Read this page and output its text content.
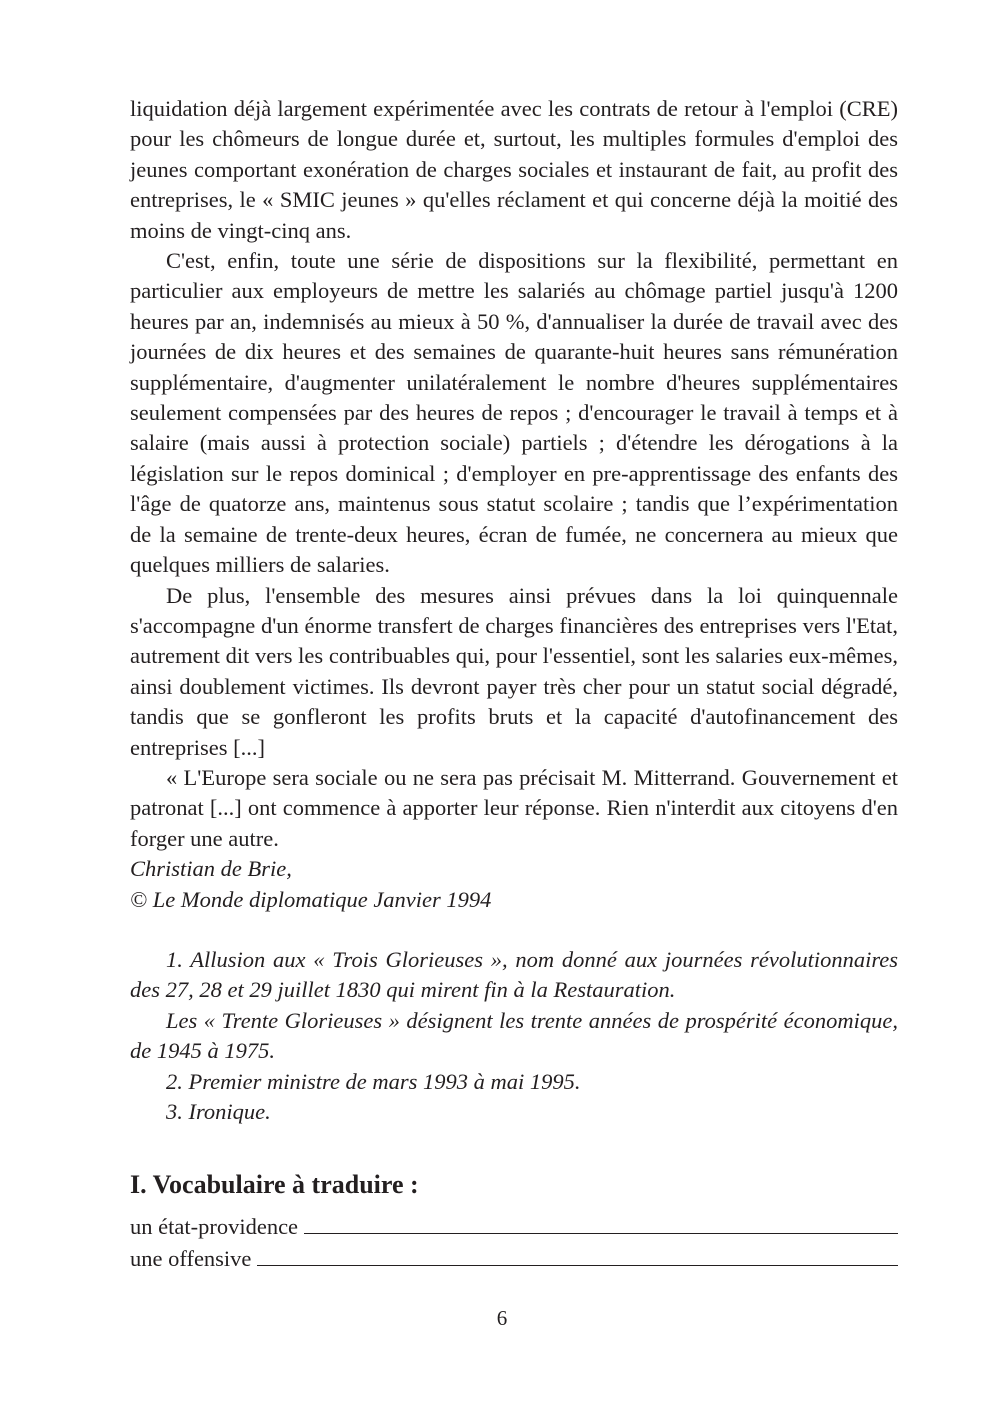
liquidation déjà largement expérimentée avec les contrats de retour à l'emploi (CRE) pour les chômeurs de longue durée et, surtout, les multiples formules d'emploi des jeunes comportant exonération de charges sociales et instaurant de fait, au profit des entreprises, le « SMIC jeunes » qu'elles réclament et qui concerne déjà la moitié des moins de vingt-cinq ans.

C'est, enfin, toute une série de dispositions sur la flexibilité, permettant en particulier aux employeurs de mettre les salariés au chômage partiel jusqu'à 1200 heures par an, indemnisés au mieux à 50 %, d'annualiser la durée de travail avec des journées de dix heures et des semaines de quarante-huit heures sans rémunération supplémentaire, d'augmenter unilatéralement le nombre d'heures supplémentaires seulement compensées par des heures de repos ; d'encourager le travail à temps et à salaire (mais aussi à protection sociale) partiels ; d'étendre les dérogations à la législation sur le repos dominical ; d'employer en pre-apprentissage des enfants des l'âge de quatorze ans, maintenus sous statut scolaire ; tandis que l’expérimentation de la semaine de trente-deux heures, écran de fumée, ne concernera au mieux que quelques milliers de salaries.

De plus, l'ensemble des mesures ainsi prévues dans la loi quinquennale s'accompagne d'un énorme transfert de charges financières des entreprises vers l'Etat, autrement dit vers les contribuables qui, pour l'essentiel, sont les salaries eux-mêmes, ainsi doublement victimes. Ils devront payer très cher pour un statut social dégradé, tandis que se gonfleront les profits bruts et la capacité d'autofinancement des entreprises [...]

« L'Europe sera sociale ou ne sera pas précisait M. Mitterrand. Gouvernement et patronat [...] ont commence à apporter leur réponse. Rien n'interdit aux citoyens d'en forger une autre.

Christian de Brie,

© Le Monde diplomatique Janvier 1994

1. Allusion aux « Trois Glorieuses », nom donné aux journées révolutionnaires des 27, 28 et 29 juillet 1830 qui mirent fin à la Restauration.

Les « Trente Glorieuses » désignent les trente années de prospérité économique, de 1945 à 1975.

2. Premier ministre de mars 1993 à mai 1995.

3. Ironique.

I. Vocabulaire à traduire :
un état-providence
une offensive
6
